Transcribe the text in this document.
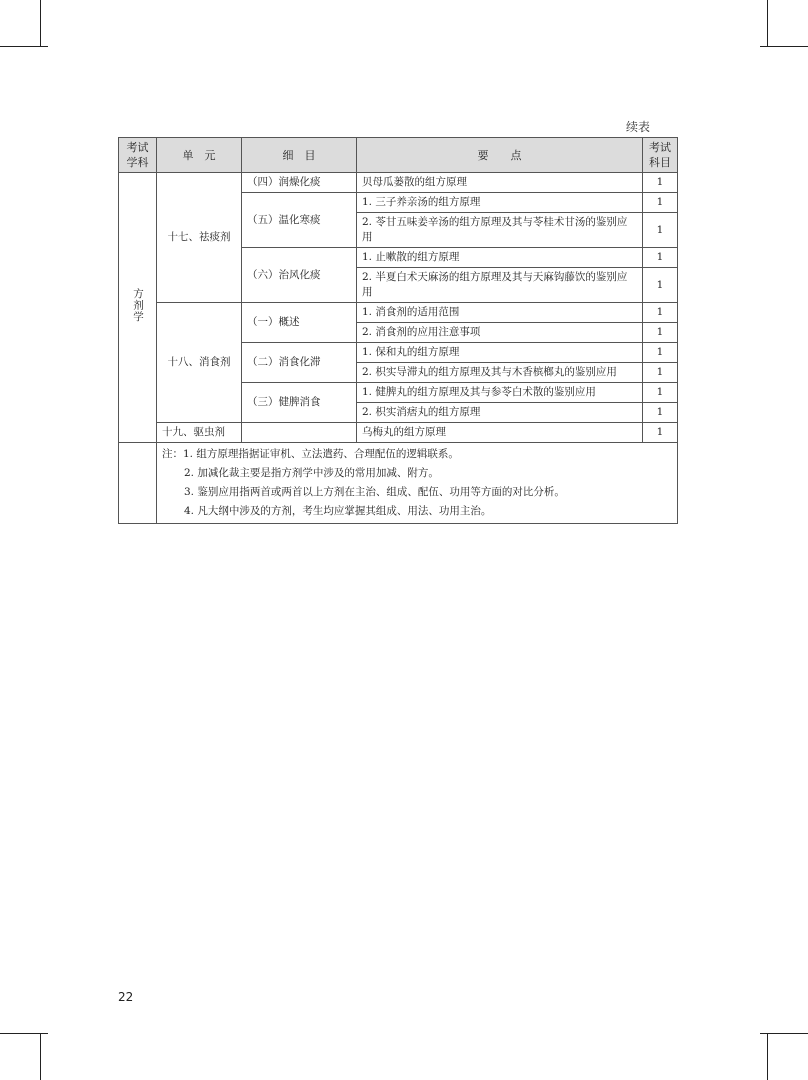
续表
考试学科	单　元	细　目	要　　点	考试科目
方剂学	十七、祛痰剂	（四）润燥化痰	贝母瓜蒌散的组方原理	1
		（五）温化寒痰	1. 三子养亲汤的组方原理	1
			2. 苓甘五味姜辛汤的组方原理及其与苓桂术甘汤的鉴别应用	1
		（六）治风化痰	1. 止嗽散的组方原理	1
			2. 半夏白术天麻汤的组方原理及其与天麻钩藤饮的鉴别应用	1
	十八、消食剂	（一）概述	1. 消食剂的适用范围	1
			2. 消食剂的应用注意事项	1
		（二）消食化滞	1. 保和丸的组方原理	1
			2. 枳实导滞丸的组方原理及其与木香槟榔丸的鉴别应用	1
		（三）健脾消食	1. 健脾丸的组方原理及其与参苓白术散的鉴别应用	1
			2. 枳实消痞丸的组方原理	1
	十九、驱虫剂		乌梅丸的组方原理	1

	注：1. 组方原理指据证审机、立法遣药、合理配伍的逻辑联系。
2. 加减化裁主要是指方剂学中涉及的常用加减、附方。
3. 鉴别应用指两首或两首以上方剂在主治、组成、配伍、功用等方面的对比分析。
4. 凡大纲中涉及的方剂，考生均应掌握其组成、用法、功用主治。			
22
